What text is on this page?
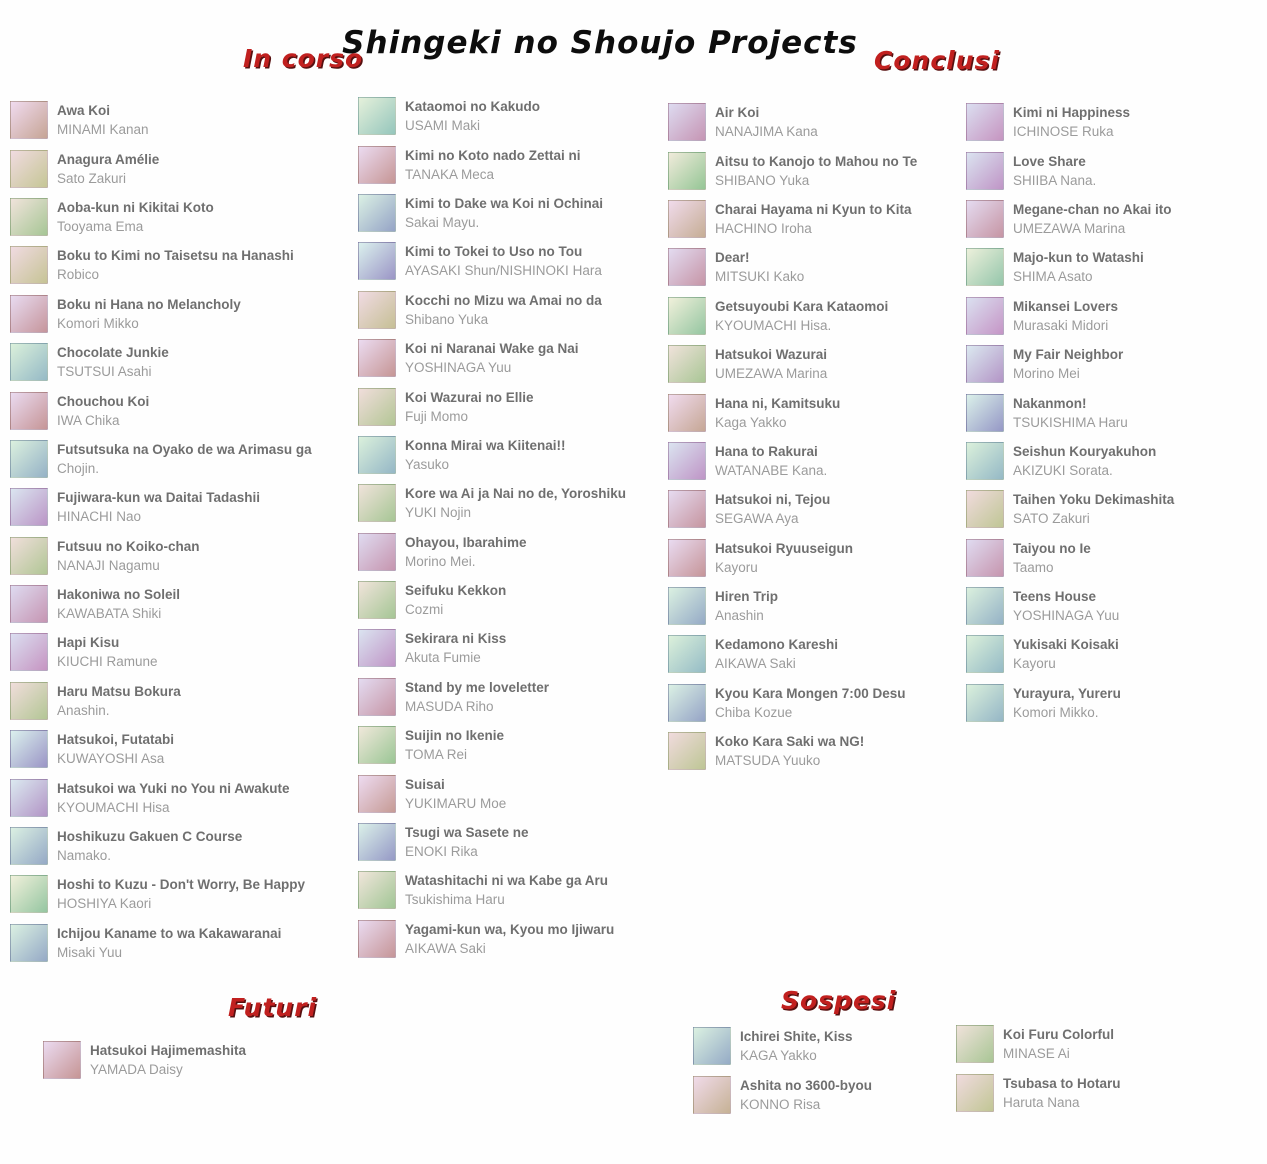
Shingeki no Shoujo Projects
In corso	Conclusi
Futuri	Sospesi
Awa Koi
MINAMI Kanan
Anagura Amélie
Sato Zakuri
Aoba-kun ni Kikitai Koto
Tooyama Ema
Boku to Kimi no Taisetsu na Hanashi
Robico
Boku ni Hana no Melancholy
Komori Mikko
Chocolate Junkie
TSUTSUI Asahi
Chouchou Koi
IWA Chika
Futsutsuka na Oyako de wa Arimasu ga
Chojin.
Fujiwara-kun wa Daitai Tadashii
HINACHI Nao
Futsuu no Koiko-chan
NANAJI Nagamu
Hakoniwa no Soleil
KAWABATA Shiki
Hapi Kisu
KIUCHI Ramune
Haru Matsu Bokura
Anashin.
Hatsukoi, Futatabi
KUWAYOSHI Asa
Hatsukoi wa Yuki no You ni Awakute
KYOUMACHI Hisa
Hoshikuzu Gakuen C Course
Namako.
Hoshi to Kuzu - Don't Worry, Be Happy
HOSHIYA Kaori
Ichijou Kaname to wa Kakawaranai
Misaki Yuu
Kataomoi no Kakudo
USAMI Maki
Kimi no Koto nado Zettai ni
TANAKA Meca
Kimi to Dake wa Koi ni Ochinai
Sakai Mayu.
Kimi to Tokei to Uso no Tou
AYASAKI Shun/NISHINOKI Hara
Kocchi no Mizu wa Amai no da
Shibano Yuka
Koi ni Naranai Wake ga Nai
YOSHINAGA Yuu
Koi Wazurai no Ellie
Fuji Momo
Konna Mirai wa Kiitenai!!
Yasuko
Kore wa Ai ja Nai no de, Yoroshiku
YUKI Nojin
Ohayou, Ibarahime
Morino Mei.
Seifuku Kekkon
Cozmi
Sekirara ni Kiss
Akuta Fumie
Stand by me loveletter
MASUDA Riho
Suijin no Ikenie
TOMA Rei
Suisai
YUKIMARU Moe
Tsugi wa Sasete ne
ENOKI Rika
Watashitachi ni wa Kabe ga Aru
Tsukishima Haru
Yagami-kun wa, Kyou mo Ijiwaru
AIKAWA Saki
Air Koi
NANAJIMA Kana
Aitsu to Kanojo to Mahou no Te
SHIBANO Yuka
Charai Hayama ni Kyun to Kita
HACHINO Iroha
Dear!
MITSUKI Kako
Getsuyoubi Kara Kataomoi
KYOUMACHI Hisa.
Hatsukoi Wazurai
UMEZAWA Marina
Hana ni, Kamitsuku
Kaga Yakko
Hana to Rakurai
WATANABE Kana.
Hatsukoi ni, Tejou
SEGAWA Aya
Hatsukoi Ryuuseigun
Kayoru
Hiren Trip
Anashin
Kedamono Kareshi
AIKAWA Saki
Kyou Kara Mongen 7:00 Desu
Chiba Kozue
Koko Kara Saki wa NG!
MATSUDA Yuuko
Kimi ni Happiness
ICHINOSE Ruka
Love Share
SHIIBA Nana.
Megane-chan no Akai ito
UMEZAWA Marina
Majo-kun to Watashi
SHIMA Asato
Mikansei Lovers
Murasaki Midori
My Fair Neighbor
Morino Mei
Nakanmon!
TSUKISHIMA Haru
Seishun Kouryakuhon
AKIZUKI Sorata.
Taihen Yoku Dekimashita
SATO Zakuri
Taiyou no Ie
Taamo
Teens House
YOSHINAGA Yuu
Yukisaki Koisaki
Kayoru
Yurayura, Yureru
Komori Mikko.
Hatsukoi Hajimemashita
YAMADA Daisy
Ichirei Shite, Kiss
KAGA Yakko
Ashita no 3600-byou
KONNO Risa
Koi Furu Colorful
MINASE Ai
Tsubasa to Hotaru
Haruta Nana
